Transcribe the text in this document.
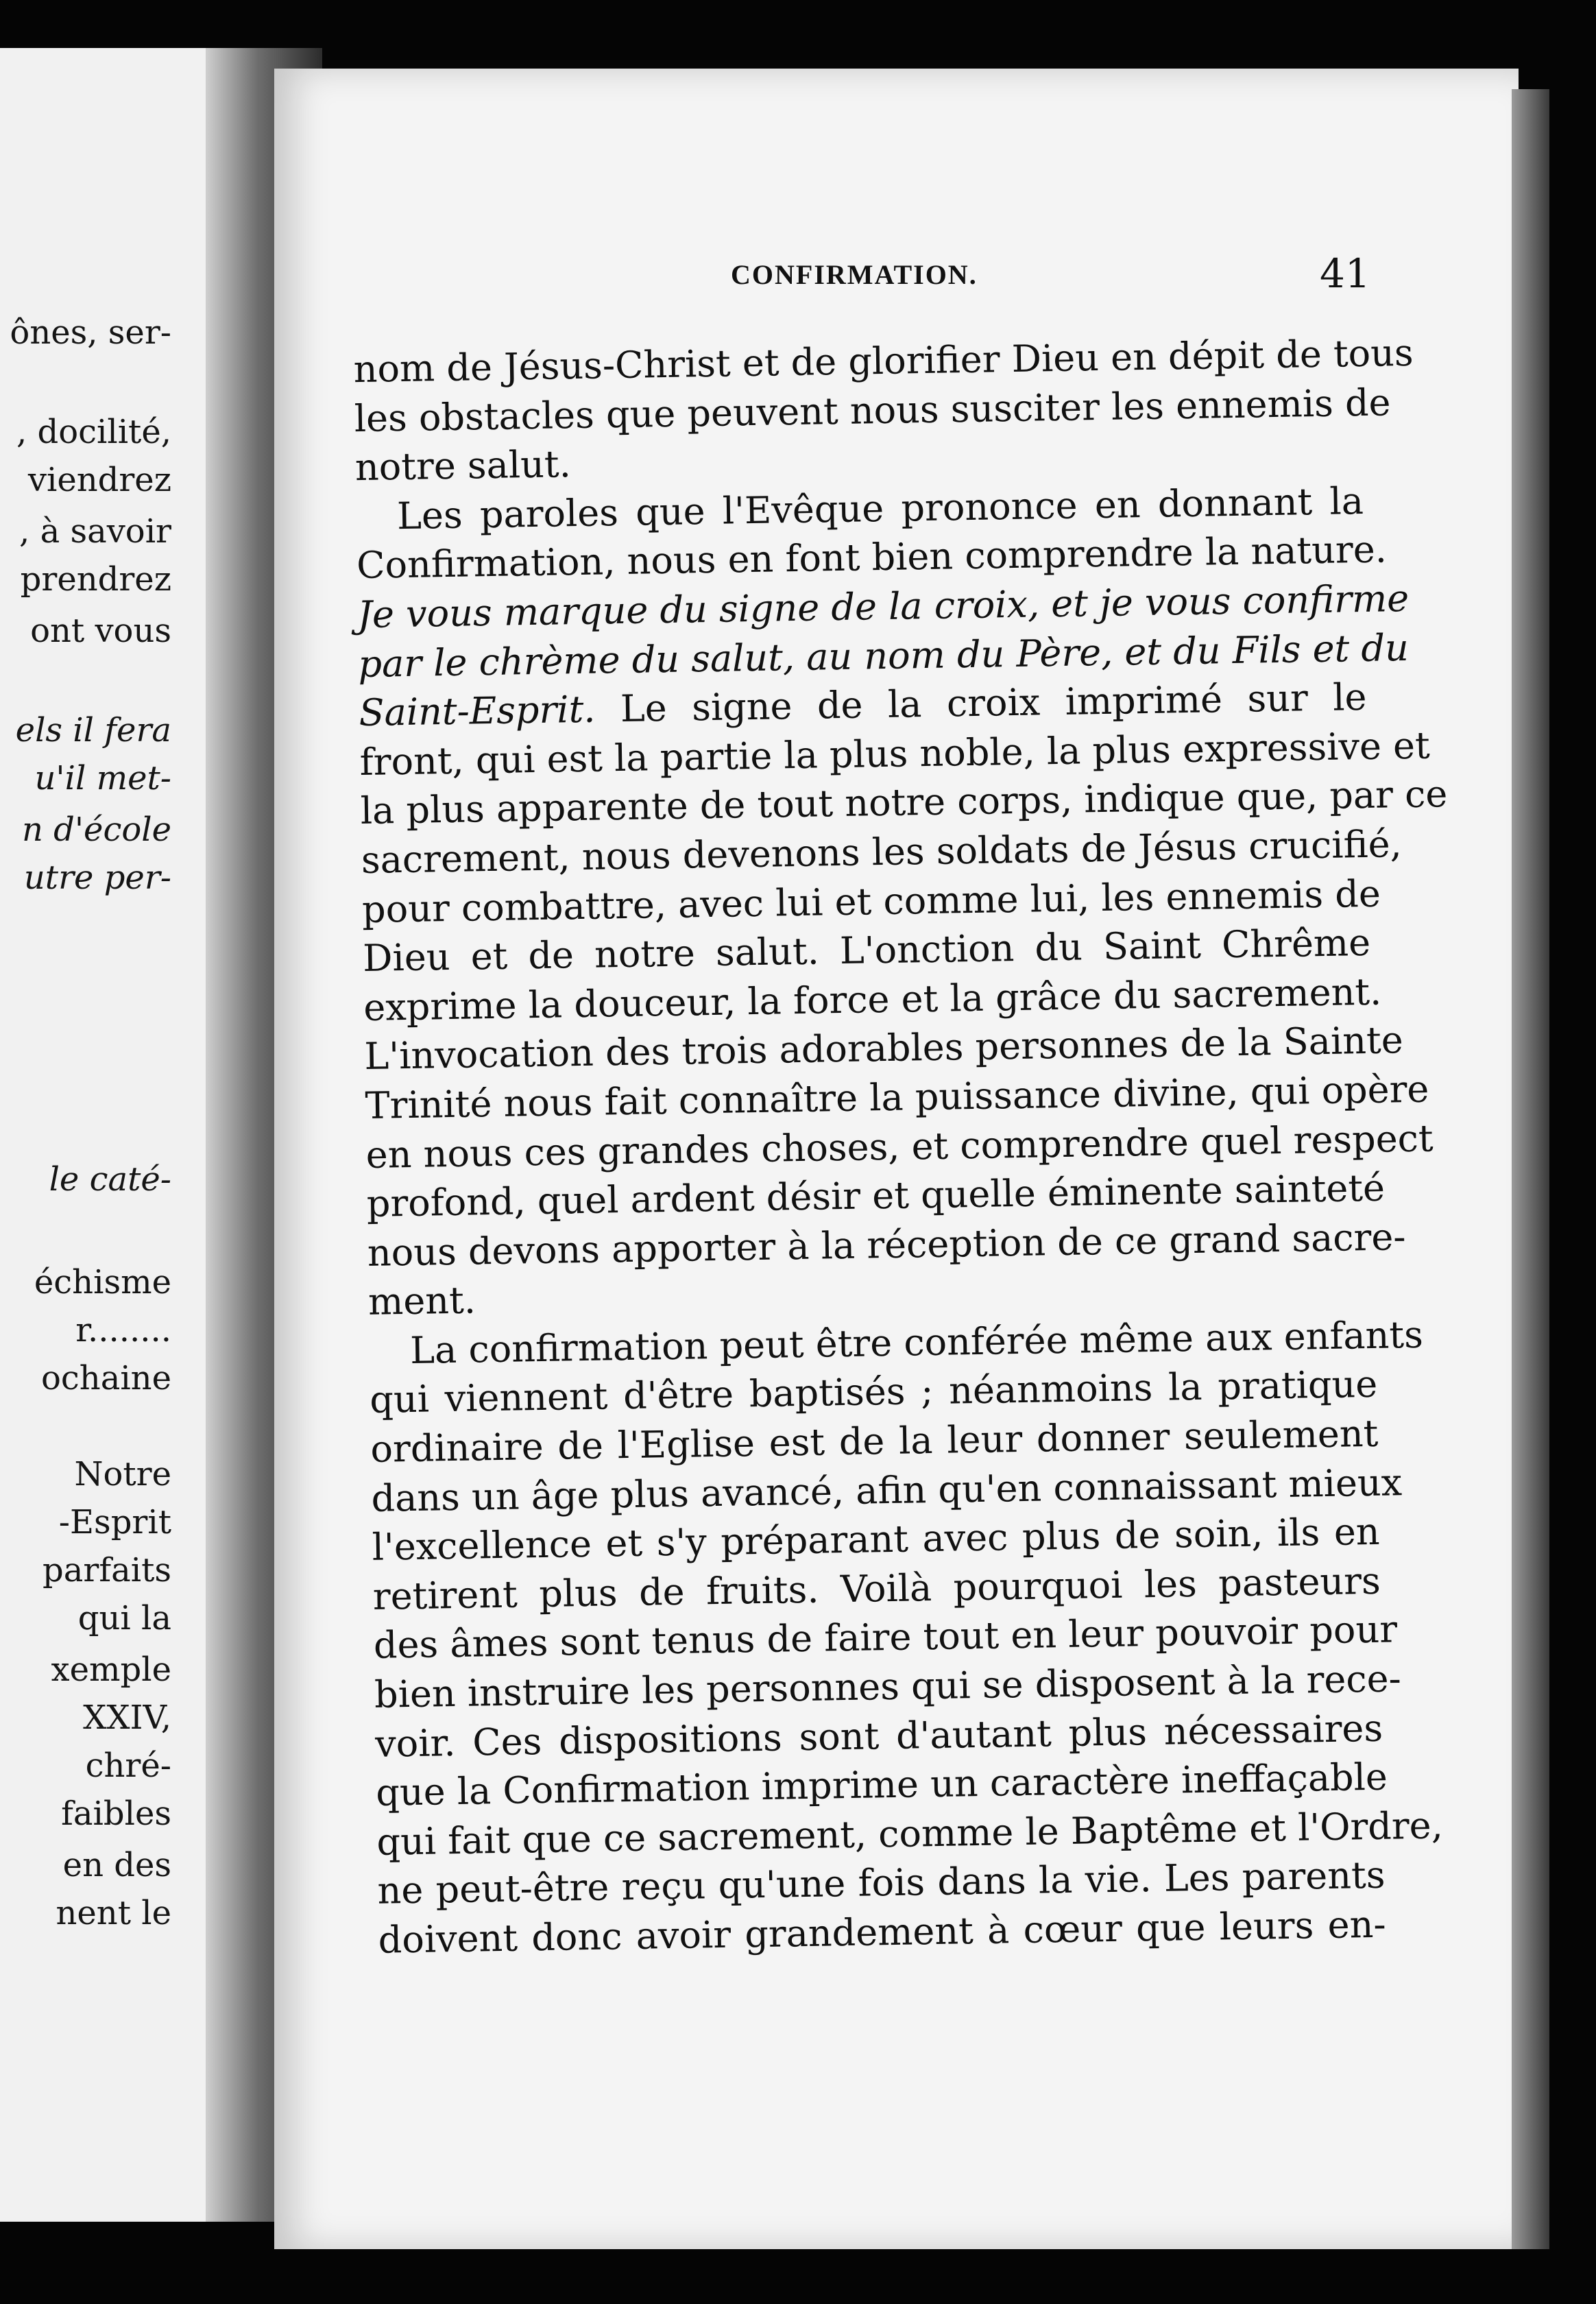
ônes, ser-

, docilité,

viendrez

, à savoir

prendrez

ont vous

els il fera

u'il met-

n d'école

utre per-

le caté-

échisme

r........

ochaine

Notre

-Esprit

parfaits

qui la

xemple

XXIV,

chré-

faibles

en des

nent le

CONFIRMATION.	41

nom de Jésus-Christ et de glorifier Dieu en dépit de tous

les obstacles que peuvent nous susciter les ennemis de

notre salut.

Les paroles que l'Evêque prononce en donnant la

Confirmation, nous en font bien comprendre la nature.

Je vous marque du signe de la croix, et je vous confirme

par le chrème du salut, au nom du Père, et du Fils et du

Saint-Esprit. Le signe de la croix imprimé sur le

front, qui est la partie la plus noble, la plus expressive et

la plus apparente de tout notre corps, indique que, par ce

sacrement, nous devenons les soldats de Jésus crucifié,

pour combattre, avec lui et comme lui, les ennemis de

Dieu et de notre salut. L'onction du Saint Chrême

exprime la douceur, la force et la grâce du sacrement.

L'invocation des trois adorables personnes de la Sainte

Trinité nous fait connaître la puissance divine, qui opère

en nous ces grandes choses, et comprendre quel respect

profond, quel ardent désir et quelle éminente sainteté

nous devons apporter à la réception de ce grand sacre-

ment.

La confirmation peut être conférée même aux enfants

qui viennent d'être baptisés ; néanmoins la pratique

ordinaire de l'Eglise est de la leur donner seulement

dans un âge plus avancé, afin qu'en connaissant mieux

l'excellence et s'y préparant avec plus de soin, ils en

retirent plus de fruits. Voilà pourquoi les pasteurs

des âmes sont tenus de faire tout en leur pouvoir pour

bien instruire les personnes qui se disposent à la rece-

voir. Ces dispositions sont d'autant plus nécessaires

que la Confirmation imprime un caractère ineffaçable

qui fait que ce sacrement, comme le Baptême et l'Ordre,

ne peut-être reçu qu'une fois dans la vie. Les parents

doivent donc avoir grandement à cœur que leurs en-
